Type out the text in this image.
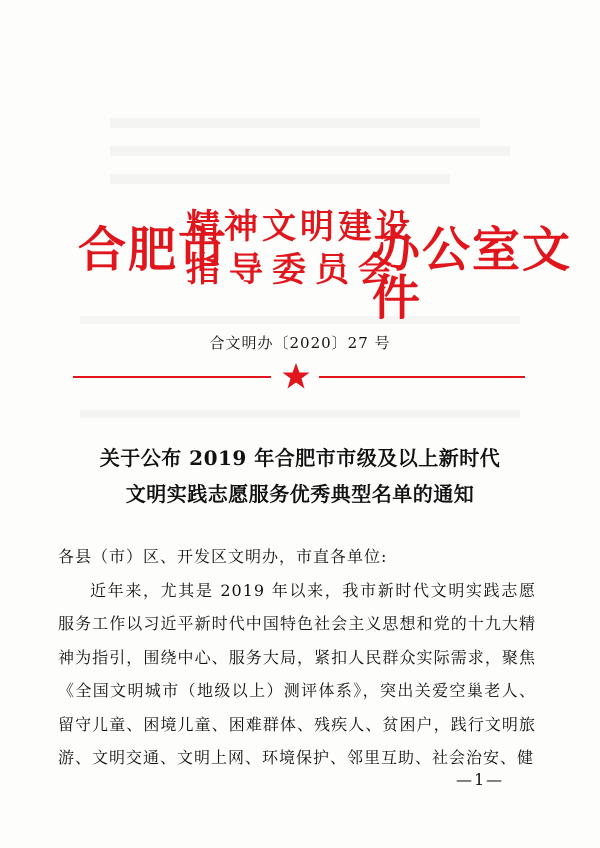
合肥市
精神文明建设
指导委员会
办公室文件
合文明办〔2020〕27 号
关于公布 2019 年合肥市市级及以上新时代
文明实践志愿服务优秀典型名单的通知

各县（市）区、开发区文明办，市直各单位:

近年来，尤其是 2019 年以来，我市新时代文明实践志愿服务工作以习近平新时代中国特色社会主义思想和党的十九大精神为指引，围绕中心、服务大局，紧扣人民群众实际需求，聚焦《全国文明城市（地级以上）测评体系》，突出关爱空巢老人、留守儿童、困境儿童、困难群体、残疾人、贫困户，践行文明旅游、文明交通、文明上网、环境保护、邻里互助、社会治安、健

—1—
